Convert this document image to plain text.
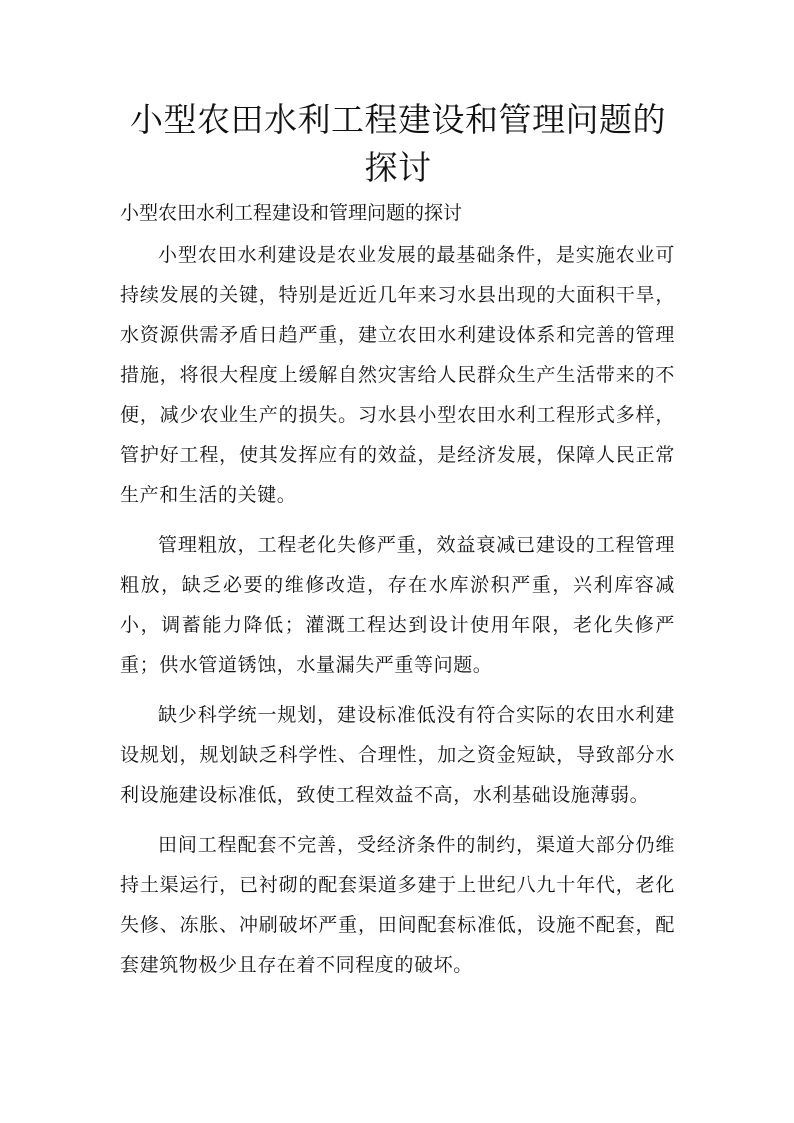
小型农田水利工程建设和管理问题的探讨

小型农田水利工程建设和管理问题的探讨

小型农田水利建设是农业发展的最基础条件，是实施农业可持续发展的关键，特别是近近几年来习水县出现的大面积干旱，水资源供需矛盾日趋严重，建立农田水利建设体系和完善的管理措施，将很大程度上缓解自然灾害给人民群众生产生活带来的不便，减少农业生产的损失。习水县小型农田水利工程形式多样，管护好工程，使其发挥应有的效益，是经济发展，保障人民正常生产和生活的关键。

管理粗放，工程老化失修严重，效益衰减已建设的工程管理粗放，缺乏必要的维修改造，存在水库淤积严重，兴利库容减小，调蓄能力降低；灌溉工程达到设计使用年限，老化失修严重；供水管道锈蚀，水量漏失严重等问题。

缺少科学统一规划，建设标准低没有符合实际的农田水利建设规划，规划缺乏科学性、合理性，加之资金短缺，导致部分水利设施建设标准低，致使工程效益不高，水利基础设施薄弱。

田间工程配套不完善，受经济条件的制约，渠道大部分仍维持土渠运行，已衬砌的配套渠道多建于上世纪八九十年代，老化失修、冻胀、冲刷破坏严重，田间配套标准低，设施不配套，配套建筑物极少且存在着不同程度的破坏。
